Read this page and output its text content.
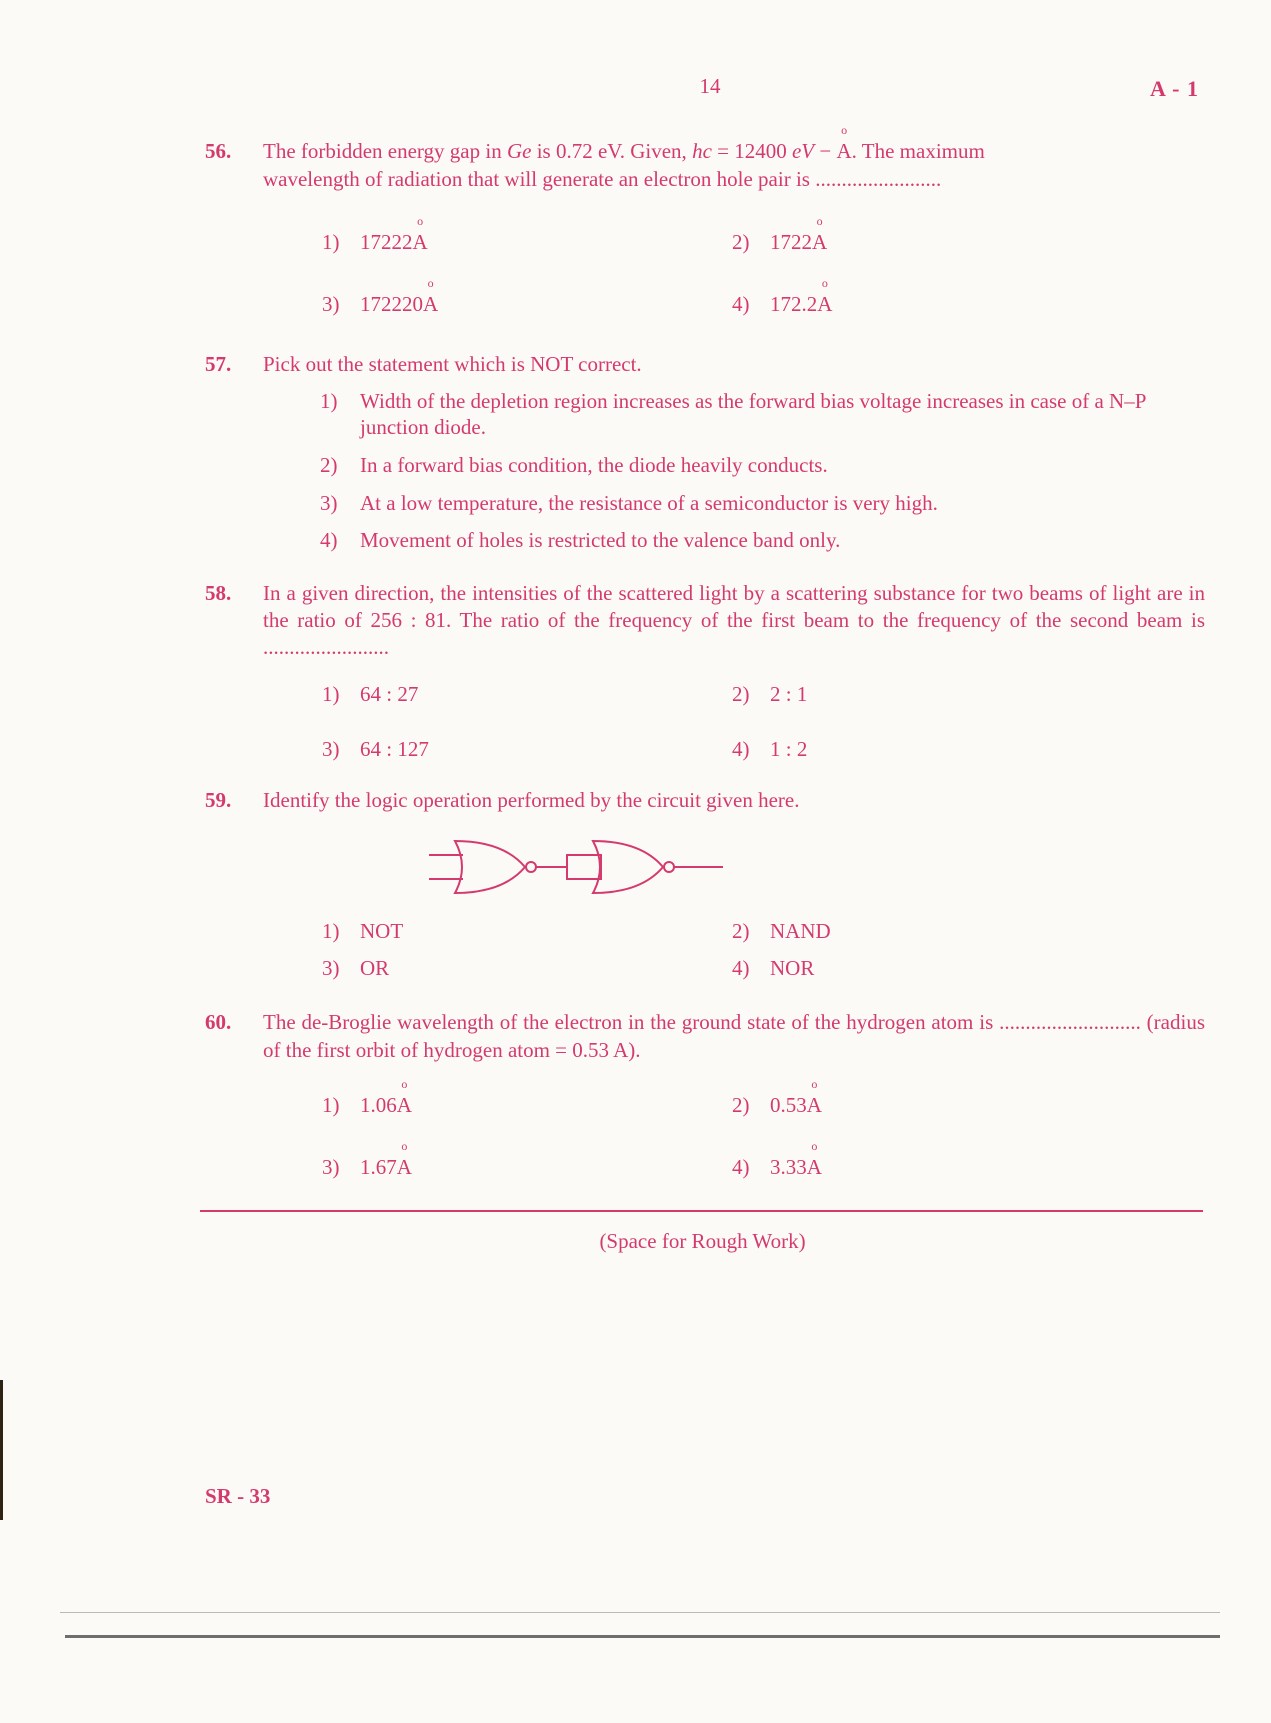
14	A - 1
56.	The forbidden energy gap in Ge is 0.72 eV. Given, hc = 12400 eV − o A. The maximum
wavelength of radiation that will generate an electron hole pair is ........................
1) 17222o A	2) 1722o A
3) 172220o A	4) 172.2o A
57.	Pick out the statement which is NOT correct.
1)	Width of the depletion region increases as the forward bias voltage increases in case of a N–P junction diode.
2)	In a forward bias condition, the diode heavily conducts.
3)	At a low temperature, the resistance of a semiconductor is very high.
4)	Movement of holes is restricted to the valence band only.
58.	In a given direction, the intensities of the scattered light by a scattering substance for two beams of light are in the ratio of 256 : 81. The ratio of the frequency of the first beam to the frequency of the second beam is ........................
1) 64 : 27	2) 2 : 1
3) 64 : 127	4) 1 : 2
59.	Identify the logic operation performed by the circuit given here.
1) NOT	2) NAND
3) OR	4) NOR
60.	The de-Broglie wavelength of the electron in the ground state of the hydrogen atom is ........................... (radius of the first orbit of hydrogen atom = 0.53 A).
1) 1.06o A	2) 0.53o A
3) 1.67o A	4) 3.33o A
(Space for Rough Work)
SR - 33
